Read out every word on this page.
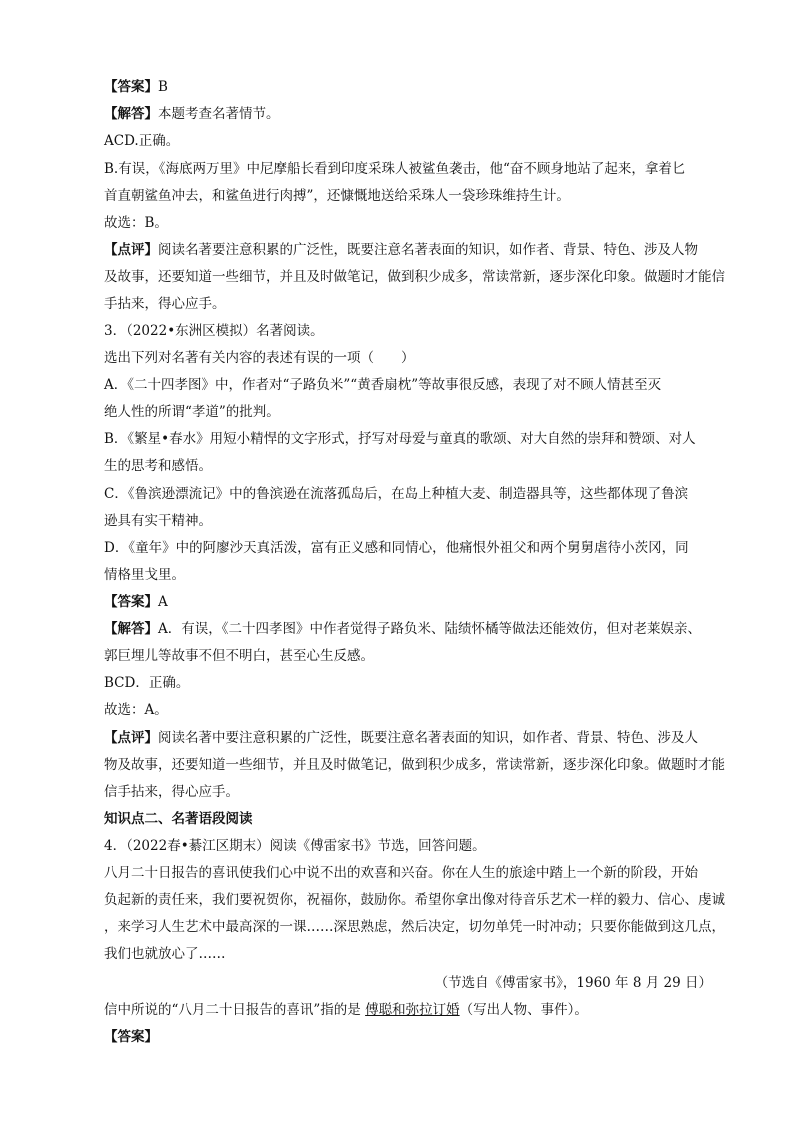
【答案】B
【解答】本题考查名著情节。
ACD.正确。
B.有误，《海底两万里》中尼摩船长看到印度采珠人被鲨鱼袭击，他“奋不顾身地站了起来，拿着匕
首直朝鲨鱼冲去，和鲨鱼进行肉搏”，还慷慨地送给采珠人一袋珍珠维持生计。
故选：B。
【点评】阅读名著要注意积累的广泛性，既要注意名著表面的知识，如作者、背景、特色、涉及人物
及故事，还要知道一些细节，并且及时做笔记，做到积少成多，常读常新，逐步深化印象。做题时才能信
手拈来，得心应手。
3．（2022•东洲区模拟）名著阅读。
选出下列对名著有关内容的表述有误的一项（　　）
A．《二十四孝图》中，作者对“子路负米”“黄香扇枕”等故事很反感，表现了对不顾人情甚至灭
绝人性的所谓“孝道”的批判。
B．《繁星•春水》用短小精悍的文字形式，抒写对母爱与童真的歌颂、对大自然的崇拜和赞颂、对人
生的思考和感悟。
C．《鲁滨逊漂流记》中的鲁滨逊在流落孤岛后，在岛上种植大麦、制造器具等，这些都体现了鲁滨
逊具有实干精神。
D．《童年》中的阿廖沙天真活泼，富有正义感和同情心，他痛恨外祖父和两个舅舅虐待小茨冈，同
情格里戈里。
【答案】A
【解答】A．有误，《二十四孝图》中作者觉得子路负米、陆绩怀橘等做法还能效仿，但对老莱娱亲、
郭巨埋儿等故事不但不明白，甚至心生反感。
BCD．正确。
故选：A。
【点评】阅读名著中要注意积累的广泛性，既要注意名著表面的知识，如作者、背景、特色、涉及人
物及故事，还要知道一些细节，并且及时做笔记，做到积少成多，常读常新，逐步深化印象。做题时才能
信手拈来，得心应手。
知识点二、名著语段阅读
4．（2022春•綦江区期末）阅读《傅雷家书》节选，回答问题。
八月二十日报告的喜讯使我们心中说不出的欢喜和兴奋。你在人生的旅途中踏上一个新的阶段，开始
负起新的责任来，我们要祝贺你，祝福你，鼓励你。希望你拿出像对待音乐艺术一样的毅力、信心、虔诚
，来学习人生艺术中最高深的一课……深思熟虑，然后决定，切勿单凭一时冲动；只要你能做到这几点，
我们也就放心了……
（节选自《傅雷家书》，1960 年 8 月 29 日）
信中所说的“八月二十日报告的喜讯”指的是 傅聪和弥拉订婚（写出人物、事件）。
【答案】
